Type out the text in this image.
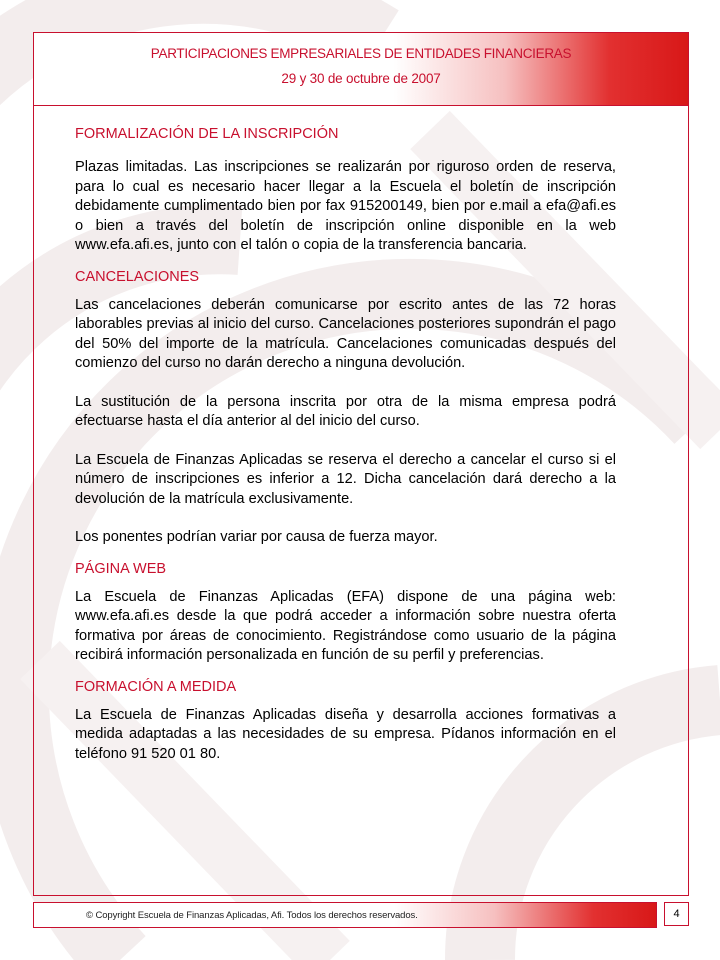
PARTICIPACIONES EMPRESARIALES DE ENTIDADES FINANCIERAS
29 y 30 de octubre de 2007
FORMALIZACIÓN DE LA INSCRIPCIÓN

Plazas limitadas. Las inscripciones se realizarán por riguroso orden de reserva, para lo cual es necesario hacer llegar a la Escuela el boletín de inscripción debidamente cumplimentado bien por fax 915200149, bien por e.mail a efa@afi.es o bien a través del boletín de inscripción online disponible en la web www.efa.afi.es, junto con el talón o copia de la transferencia bancaria.

CANCELACIONES

Las cancelaciones deberán comunicarse por escrito antes de las 72 horas laborables previas al inicio del curso. Cancelaciones posteriores supondrán el pago del 50% del importe de la matrícula. Cancelaciones comunicadas después del comienzo del curso no darán derecho a ninguna devolución.

La sustitución de la persona inscrita por otra de la misma empresa podrá efectuarse hasta el día anterior al del inicio del curso.

La Escuela de Finanzas Aplicadas se reserva el derecho a cancelar el curso si el número de inscripciones es inferior a 12. Dicha cancelación dará derecho a la devolución de la matrícula exclusivamente.

Los ponentes podrían variar por causa de fuerza mayor.

PÁGINA WEB

La Escuela de Finanzas Aplicadas (EFA) dispone de una página web: www.efa.afi.es desde la que podrá acceder a información sobre nuestra oferta formativa por áreas de conocimiento. Registrándose como usuario de la página recibirá información personalizada en función de su perfil y preferencias.

FORMACIÓN A MEDIDA

La Escuela de Finanzas Aplicadas diseña y desarrolla acciones formativas a medida adaptadas a las necesidades de su empresa. Pídanos información en el teléfono 91 520 01 80.

© Copyright Escuela de Finanzas Aplicadas, Afi. Todos los derechos reservados.	4
